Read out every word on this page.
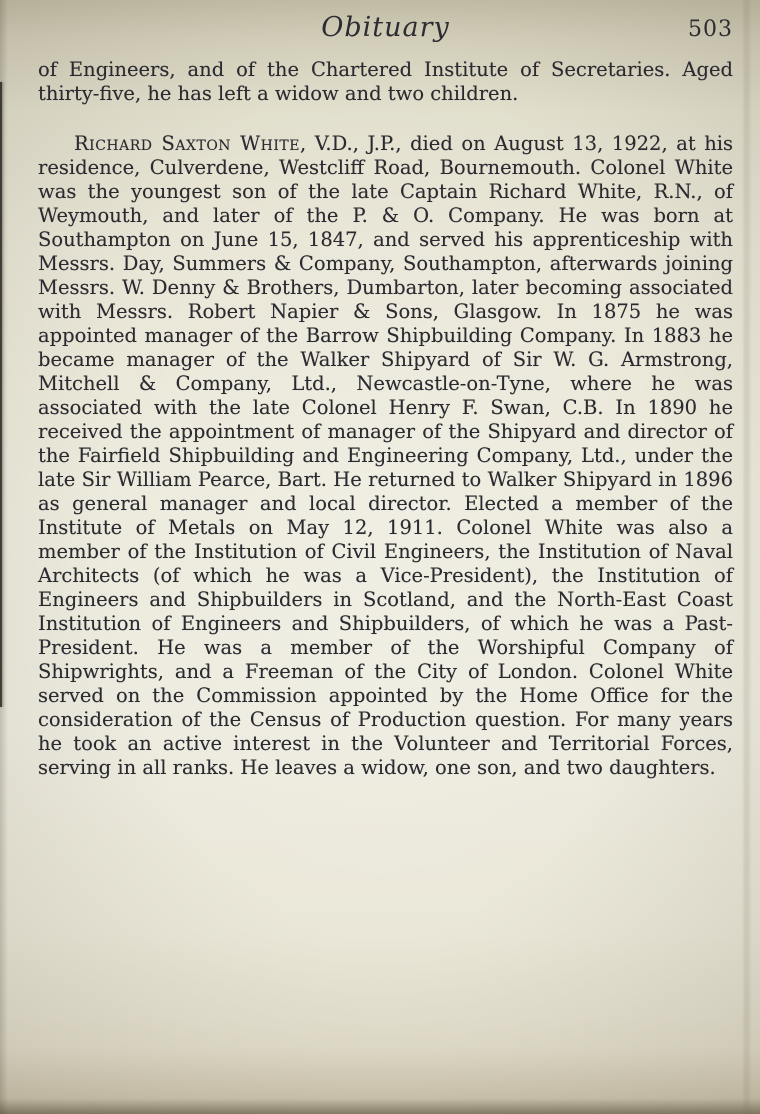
Obituary	503

of Engineers, and of the Chartered Institute of Secretaries. Aged thirty-five, he has left a widow and two children.

Richard Saxton White, V.D., J.P., died on August 13, 1922, at his residence, Culverdene, Westcliff Road, Bournemouth. Colonel White was the youngest son of the late Captain Richard White, R.N., of Weymouth, and later of the P. & O. Company. He was born at Southampton on June 15, 1847, and served his apprenticeship with Messrs. Day, Summers & Company, Southampton, afterwards joining Messrs. W. Denny & Brothers, Dumbarton, later becoming associated with Messrs. Robert Napier & Sons, Glasgow. In 1875 he was appointed manager of the Barrow Shipbuilding Company. In 1883 he became manager of the Walker Shipyard of Sir W. G. Armstrong, Mitchell & Company, Ltd., Newcastle-on-Tyne, where he was associated with the late Colonel Henry F. Swan, C.B. In 1890 he received the appointment of manager of the Shipyard and director of the Fairfield Shipbuilding and Engineering Company, Ltd., under the late Sir William Pearce, Bart. He returned to Walker Shipyard in 1896 as general manager and local director. Elected a member of the Institute of Metals on May 12, 1911. Colonel White was also a member of the Institution of Civil Engineers, the Institution of Naval Architects (of which he was a Vice-President), the Institution of Engineers and Shipbuilders in Scotland, and the North-East Coast Institution of Engineers and Shipbuilders, of which he was a Past-President. He was a member of the Worshipful Company of Shipwrights, and a Freeman of the City of London. Colonel White served on the Commission appointed by the Home Office for the consideration of the Census of Production question. For many years he took an active interest in the Volunteer and Territorial Forces, serving in all ranks. He leaves a widow, one son, and two daughters.
